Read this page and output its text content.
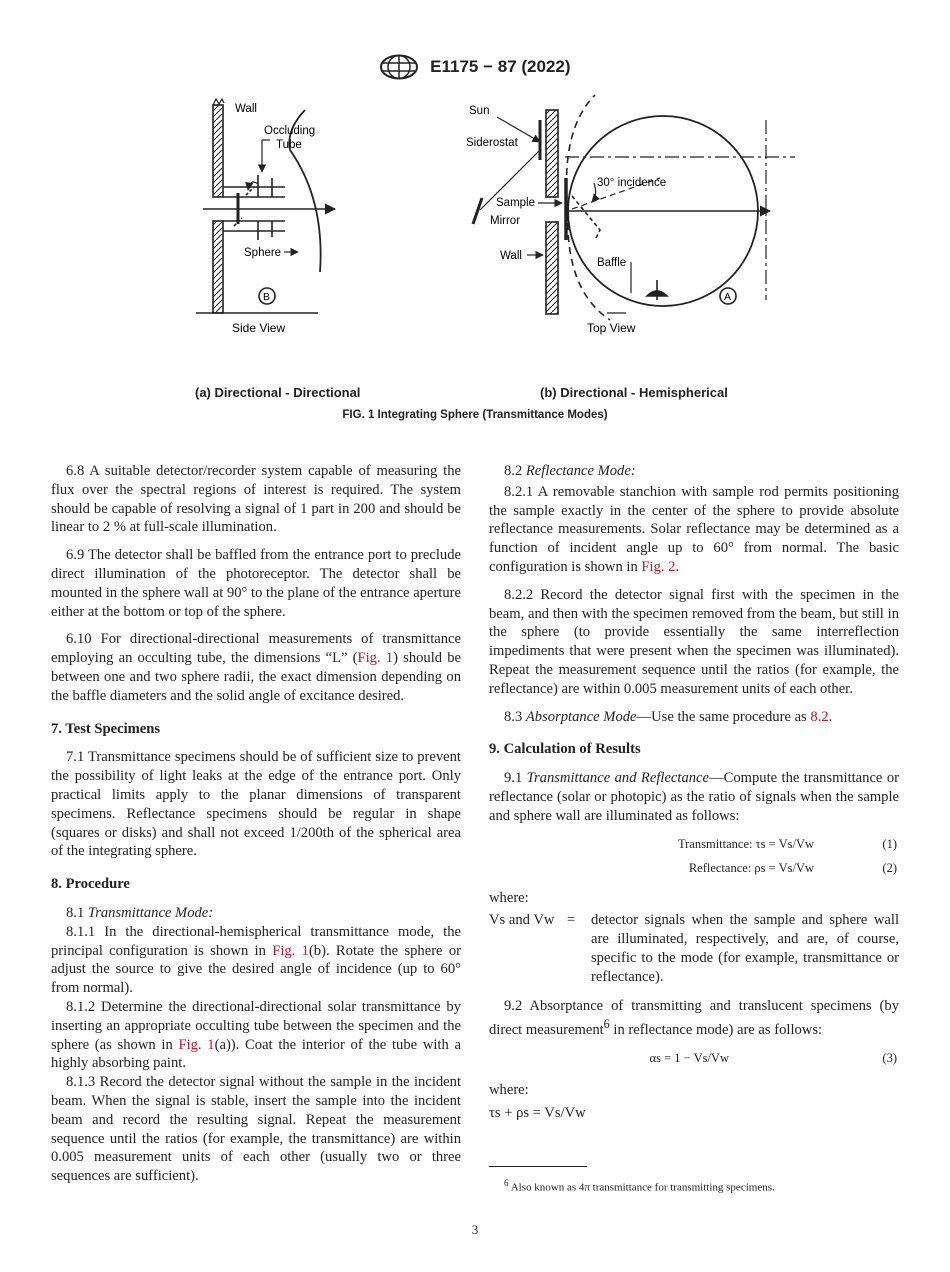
E1175 − 87 (2022)
Wall
Occluding
Tube
Sphere
B
Side View
Sun
Siderostat
30° incidence
Sample
Mirror
Wall
Baffle
A
Top View
(a) Directional - Directional	(b) Directional - Hemispherical
FIG. 1 Integrating Sphere (Transmittance Modes)

6.8 A suitable detector/recorder system capable of measuring the flux over the spectral regions of interest is required. The system should be capable of resolving a signal of 1 part in 200 and should be linear to 2 % at full-scale illumination.

6.9 The detector shall be baffled from the entrance port to preclude direct illumination of the photoreceptor. The detector shall be mounted in the sphere wall at 90° to the plane of the entrance aperture either at the bottom or top of the sphere.

6.10 For directional-directional measurements of transmittance employing an occulting tube, the dimensions “L” (Fig. 1) should be between one and two sphere radii, the exact dimension depending on the baffle diameters and the solid angle of excitance desired.

7. Test Specimens

7.1 Transmittance specimens should be of sufficient size to prevent the possibility of light leaks at the edge of the entrance port. Only practical limits apply to the planar dimensions of transparent specimens. Reflectance specimens should be regular in shape (squares or disks) and shall not exceed 1/200th of the spherical area of the integrating sphere.

8. Procedure

8.1 Transmittance Mode:

8.1.1 In the directional-hemispherical transmittance mode, the principal configuration is shown in Fig. 1(b). Rotate the sphere or adjust the source to give the desired angle of incidence (up to 60° from normal).

8.1.2 Determine the directional-directional solar transmittance by inserting an appropriate occulting tube between the specimen and the sphere (as shown in Fig. 1(a)). Coat the interior of the tube with a highly absorbing paint.

8.1.3 Record the detector signal without the sample in the incident beam. When the signal is stable, insert the sample into the incident beam and record the resulting signal. Repeat the measurement sequence until the ratios (for example, the transmittance) are within 0.005 measurement units of each other (usually two or three sequences are sufficient).

8.2 Reflectance Mode:

8.2.1 A removable stanchion with sample rod permits positioning the sample exactly in the center of the sphere to provide absolute reflectance measurements. Solar reflectance may be determined as a function of incident angle up to 60° from normal. The basic configuration is shown in Fig. 2.

8.2.2 Record the detector signal first with the specimen in the beam, and then with the specimen removed from the beam, but still in the sphere (to provide essentially the same interreflection impediments that were present when the specimen was illuminated). Repeat the measurement sequence until the ratios (for example, the reflectance) are within 0.005 measurement units of each other.

8.3 Absorptance Mode—Use the same procedure as 8.2.

9. Calculation of Results

9.1 Transmittance and Reflectance—Compute the transmittance or reflectance (solar or photopic) as the ratio of signals when the sample and sphere wall are illuminated as follows:

Transmittance: τs = Vs/Vw	(1)
Reflectance: ρs = Vs/Vw	(2)
where:
Vs and Vw =	detector signals when the sample and sphere wall are illuminated, respectively, and are, of course, specific to the mode (for example, transmittance or reflectance).

9.2 Absorptance of transmitting and translucent specimens (by direct measurement$^6$ in reflectance mode) are as follows:

αs = 1 − Vs/Vw	(3)
where:
τs + ρs = Vs/Vw
$^6$ Also known as 4π transmittance for transmitting specimens.
3
